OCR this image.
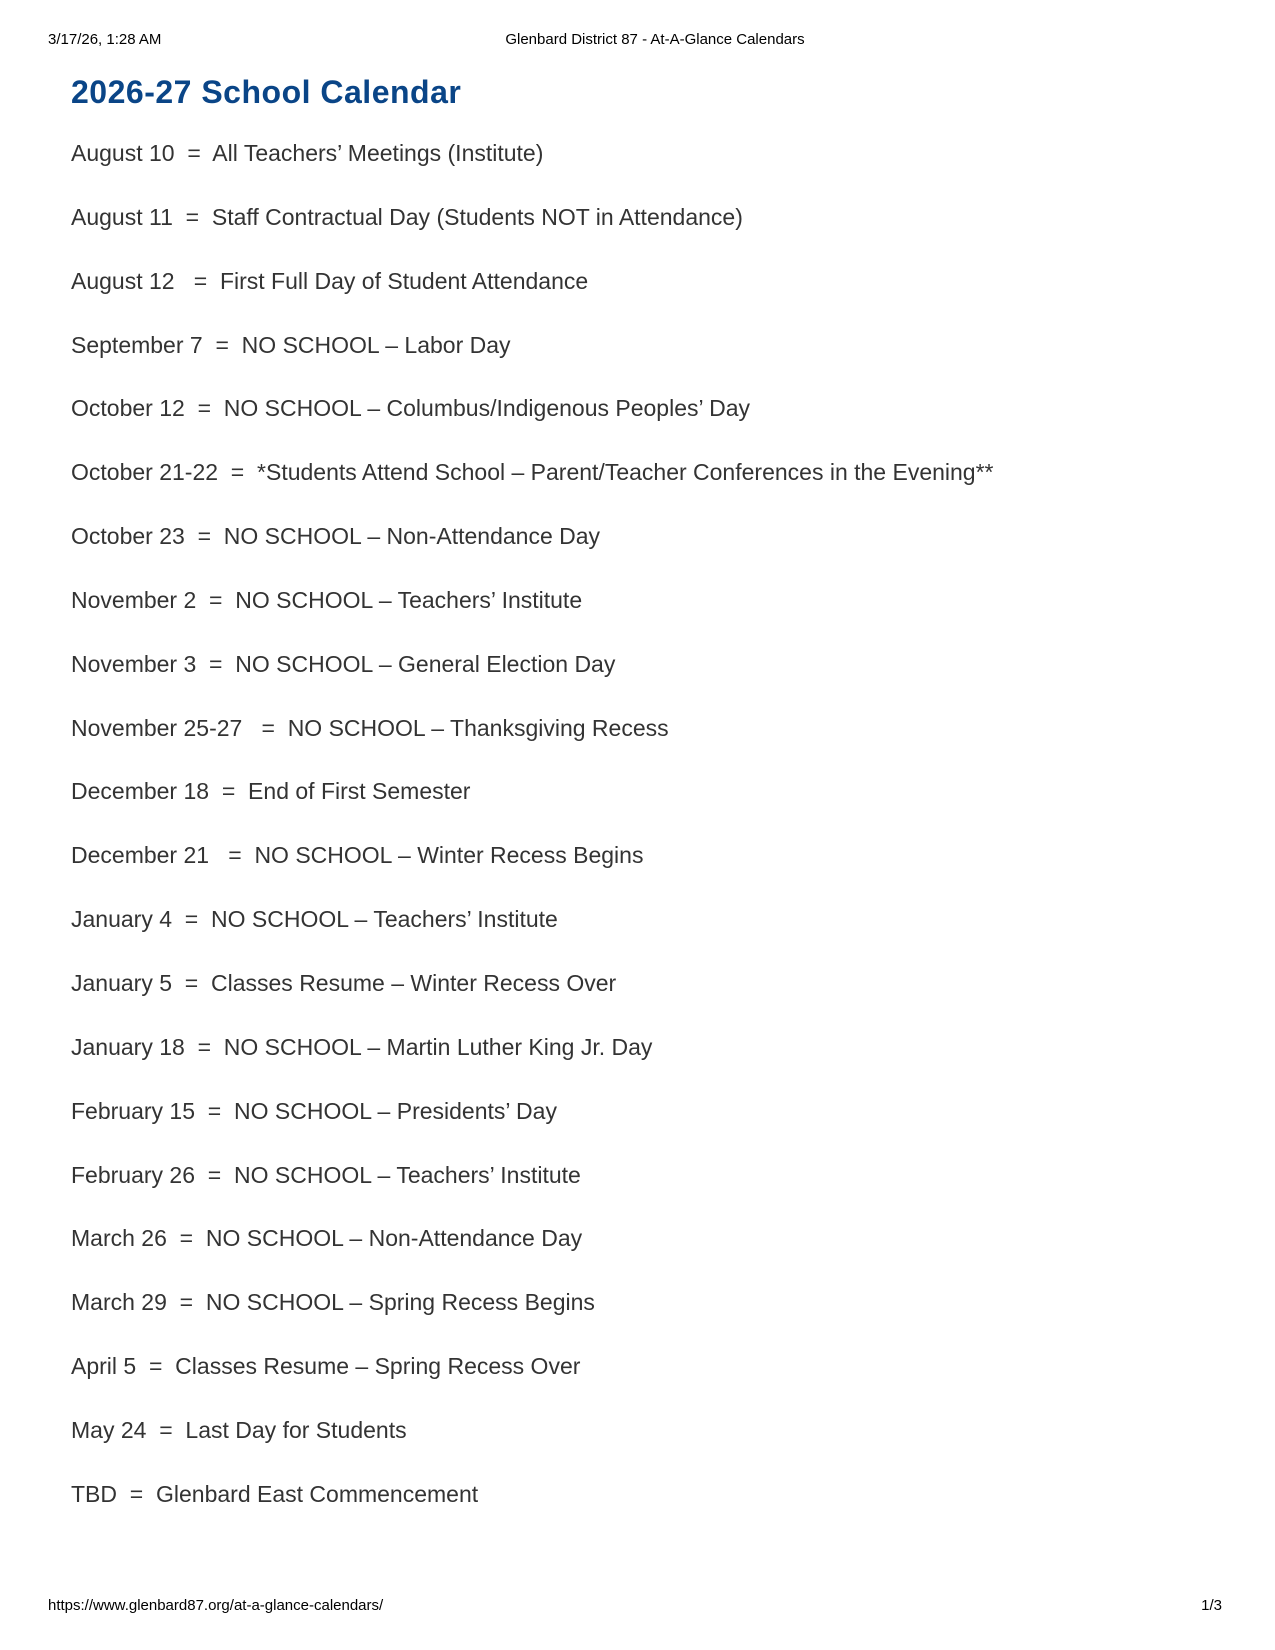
3/17/26, 1:28 AM	Glenbard District 87 - At-A-Glance Calendars
2026-27 School Calendar
August 10  =  All Teachers’ Meetings (Institute)
August 11  =  Staff Contractual Day (Students NOT in Attendance)
August 12   =  First Full Day of Student Attendance
September 7  =  NO SCHOOL – Labor Day
October 12  =  NO SCHOOL – Columbus/Indigenous Peoples’ Day
October 21-22  =  *Students Attend School – Parent/Teacher Conferences in the Evening**
October 23  =  NO SCHOOL – Non-Attendance Day
November 2  =  NO SCHOOL – Teachers’ Institute
November 3  =  NO SCHOOL – General Election Day
November 25-27   =  NO SCHOOL – Thanksgiving Recess
December 18  =  End of First Semester
December 21   =  NO SCHOOL – Winter Recess Begins
January 4  =  NO SCHOOL – Teachers’ Institute
January 5  =  Classes Resume – Winter Recess Over
January 18  =  NO SCHOOL – Martin Luther King Jr. Day
February 15  =  NO SCHOOL – Presidents’ Day
February 26  =  NO SCHOOL – Teachers’ Institute
March 26  =  NO SCHOOL – Non-Attendance Day
March 29  =  NO SCHOOL – Spring Recess Begins
April 5  =  Classes Resume – Spring Recess Over
May 24  =  Last Day for Students
TBD  =  Glenbard East Commencement
https://www.glenbard87.org/at-a-glance-calendars/	1/3
